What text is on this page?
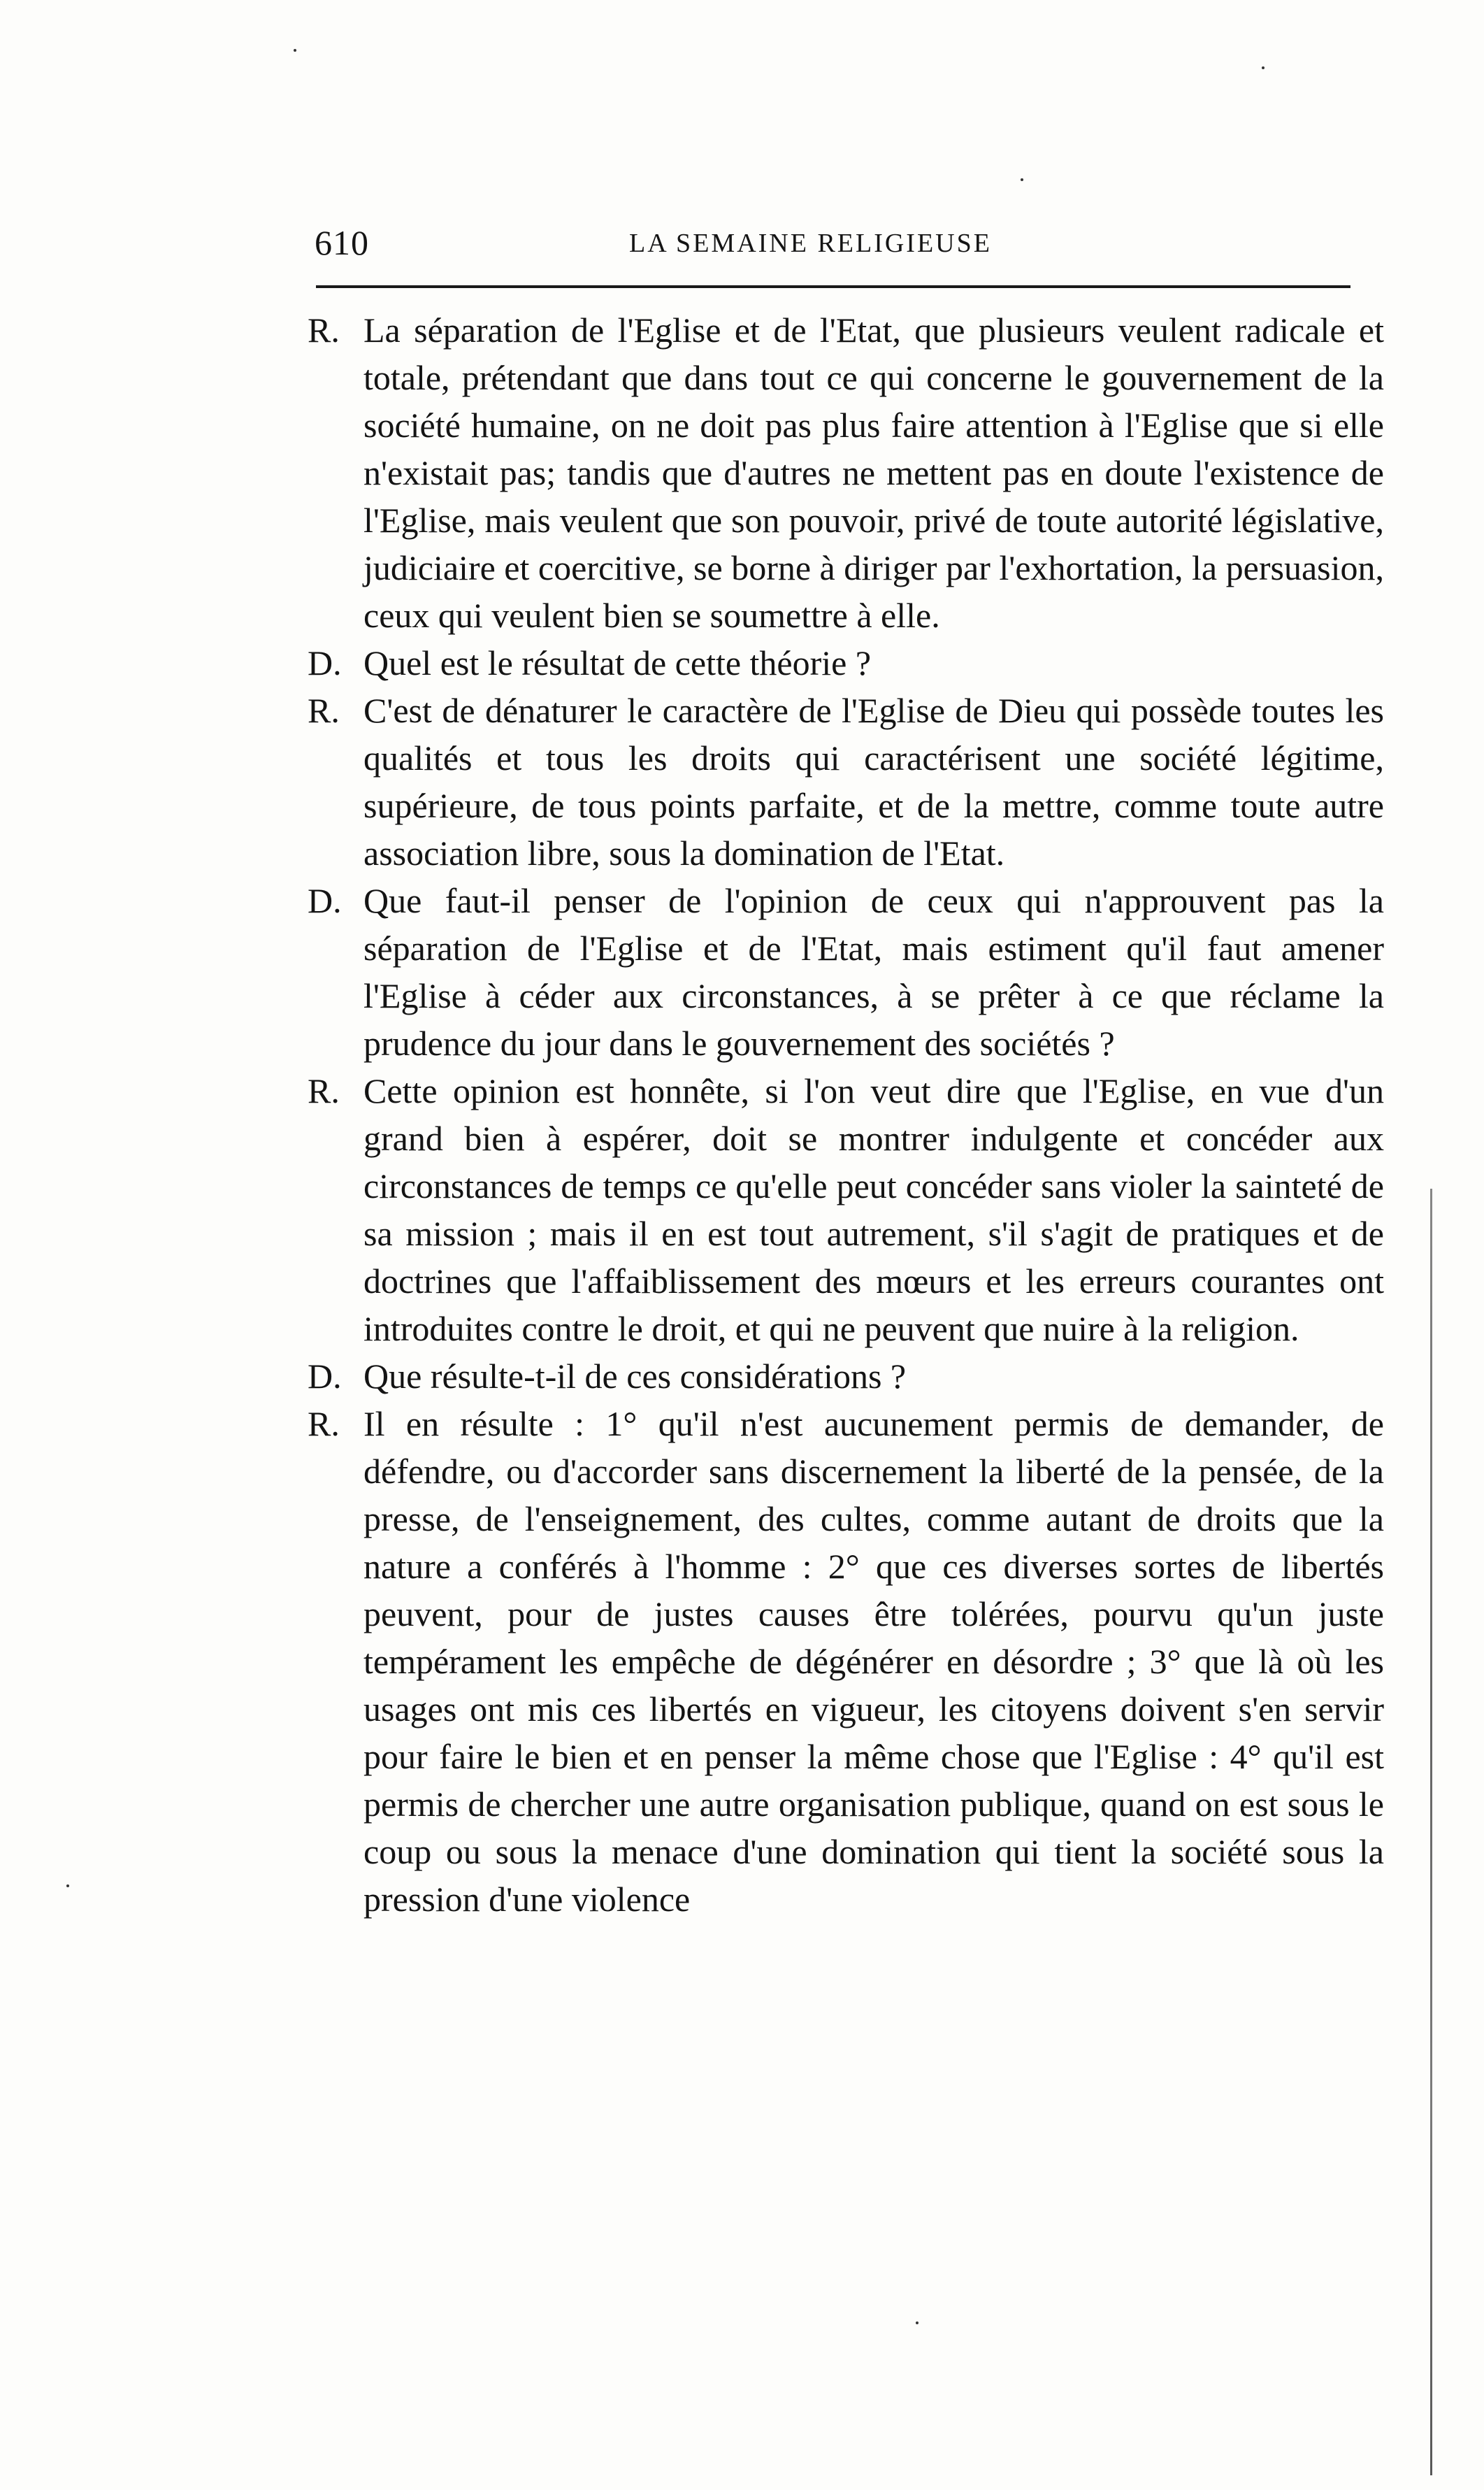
610	LA SEMAINE RELIGIEUSE

R. La séparation de l'Eglise et de l'Etat, que plusieurs veulent radicale et totale, prétendant que dans tout ce qui concerne le gouvernement de la société humaine, on ne doit pas plus faire attention à l'Eglise que si elle n'existait pas; tandis que d'autres ne mettent pas en doute l'existence de l'Eglise, mais veulent que son pouvoir, privé de toute autorité législative, judiciaire et coercitive, se borne à diriger par l'exhortation, la persuasion, ceux qui veulent bien se soumettre à elle.

D. Quel est le résultat de cette théorie ?

R. C'est de dénaturer le caractère de l'Eglise de Dieu qui possède toutes les qualités et tous les droits qui caractérisent une société légitime, supérieure, de tous points parfaite, et de la mettre, comme toute autre association libre, sous la domination de l'Etat.

D. Que faut-il penser de l'opinion de ceux qui n'approuvent pas la séparation de l'Eglise et de l'Etat, mais estiment qu'il faut amener l'Eglise à céder aux circonstances, à se prêter à ce que réclame la prudence du jour dans le gouvernement des sociétés ?

R. Cette opinion est honnête, si l'on veut dire que l'Eglise, en vue d'un grand bien à espérer, doit se montrer indulgente et concéder aux circonstances de temps ce qu'elle peut concéder sans violer la sainteté de sa mission ; mais il en est tout autrement, s'il s'agit de pratiques et de doctrines que l'affaiblissement des mœurs et les erreurs courantes ont introduites contre le droit, et qui ne peuvent que nuire à la religion.

D. Que résulte-t-il de ces considérations ?

R. Il en résulte : 1° qu'il n'est aucunement permis de demander, de défendre, ou d'accorder sans discernement la liberté de la pensée, de la presse, de l'enseignement, des cultes, comme autant de droits que la nature a conférés à l'homme : 2° que ces diverses sortes de libertés peuvent, pour de justes causes être tolérées, pourvu qu'un juste tempérament les empêche de dégénérer en désordre ; 3° que là où les usages ont mis ces libertés en vigueur, les citoyens doivent s'en servir pour faire le bien et en penser la même chose que l'Eglise : 4° qu'il est permis de chercher une autre organisation publique, quand on est sous le coup ou sous la menace d'une domination qui tient la société sous la pression d'une violence
